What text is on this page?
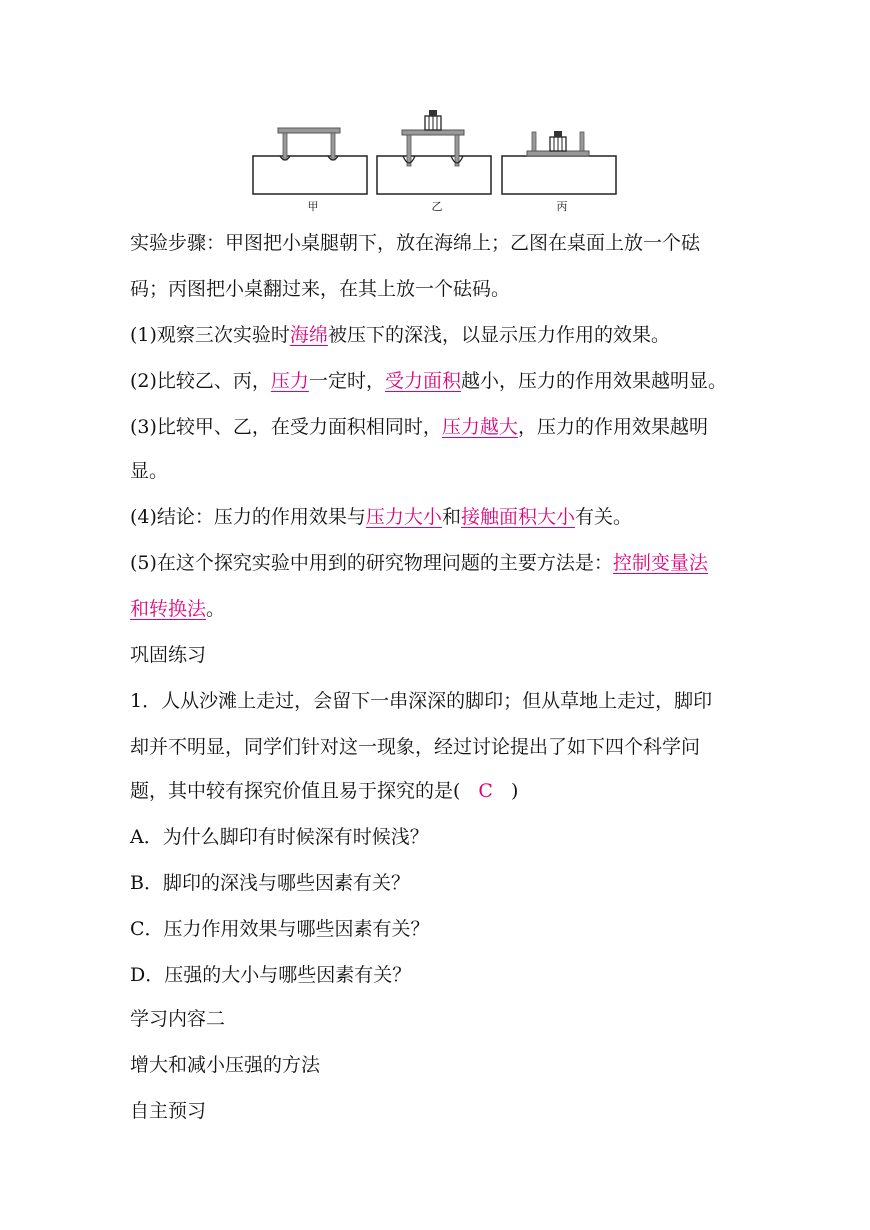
甲	乙	丙
实验步骤：甲图把小桌腿朝下，放在海绵上；乙图在桌面上放一个砝
码；丙图把小桌翻过来，在其上放一个砝码。
(1)观察三次实验时海绵被压下的深浅，以显示压力作用的效果。
(2)比较乙、丙，压力一定时，受力面积越小，压力的作用效果越明显。
(3)比较甲、乙，在受力面积相同时，压力越大，压力的作用效果越明
显。
(4)结论：压力的作用效果与压力大小和接触面积大小有关。
(5)在这个探究实验中用到的研究物理问题的主要方法是：控制变量法
和转换法。
巩固练习
1．人从沙滩上走过，会留下一串深深的脚印；但从草地上走过，脚印
却并不明显，同学们针对这一现象，经过讨论提出了如下四个科学问
题，其中较有探究价值且易于探究的是( C )
A．为什么脚印有时候深有时候浅？
B．脚印的深浅与哪些因素有关？
C．压力作用效果与哪些因素有关？
D．压强的大小与哪些因素有关？
学习内容二
增大和减小压强的方法
自主预习
